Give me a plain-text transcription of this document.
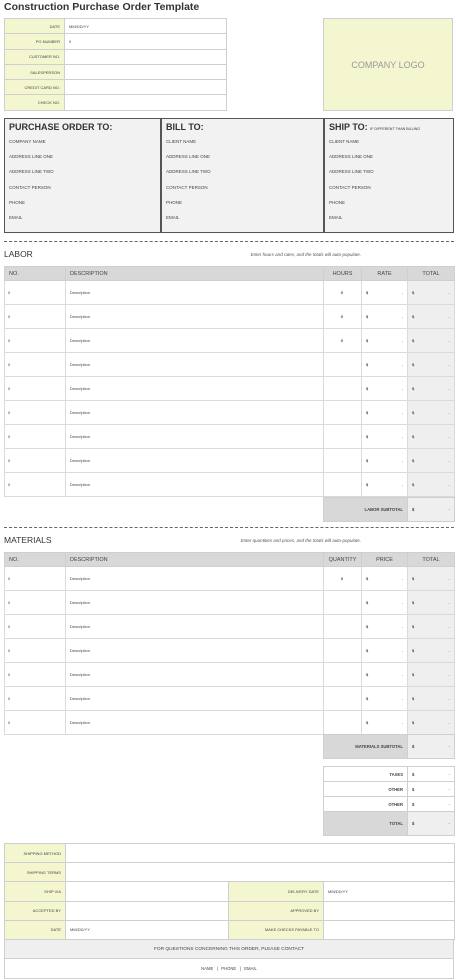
Construction Purchase Order Template
DATE	MM/DD/YY
PO NUMBER	0
CUSTOMER NO.	
SALESPERSON	
CREDIT CARD NO.	
CHECK NO.	
COMPANY LOGO
PURCHASE ORDER TO:
COMPANY NAME
ADDRESS LINE ONE
ADDRESS LINE TWO
CONTACT PERSON
PHONE
EMAIL
BILL TO:
CLIENT NAME
ADDRESS LINE ONE
ADDRESS LINE TWO
CONTACT PERSON
PHONE
EMAIL
SHIP TO: IF DIFFERENT THAN BILLING
CLIENT NAME
ADDRESS LINE ONE
ADDRESS LINE TWO
CONTACT PERSON
PHONE
EMAIL
LABOR	Enter hours and rates, and the totals will auto-populate.
NO.	DESCRIPTION	HOURS	RATE	TOTAL
0	Description	0	$ -	$ -

0	Description	0	$ -	$ -

0	Description	0	$ -	$ -

0	Description		$ -	$ -

0	Description		$ -	$ -

0	Description		$ -	$ -

0	Description		$ -	$ -

0	Description		$ -	$ -

0	Description		$ -	$ -
LABOR SUBTOTAL	$	-
MATERIALS	Enter quantities and prices, and the totals will auto-populate.
NO.	DESCRIPTION	QUANTITY	PRICE	TOTAL
0	Description	0	$ -	$ -

0	Description		$ -	$ -

0	Description		$ -	$ -

0	Description		$ -	$ -

0	Description		$ -	$ -

0	Description		$ -	$ -

0	Description		$ -	$ -
MATERIALS SUBTOTAL	$	-
TAXES	$ -

OTHER	$ -

OTHER	$ -

TOTAL	$ -
SHIPPING METHOD			
SHIPPING TERMS			
SHIP VIA		DELIVERY DATE	MM/DD/YY
ACCEPTED BY		APPROVED BY	
DATE	MM/DD/YY	MAKE CHECKS PAYABLE TO	
FOR QUESTIONS CONCERNING THIS ORDER, PLEASE CONTACT
NAME   |   PHONE   |   EMAIL
